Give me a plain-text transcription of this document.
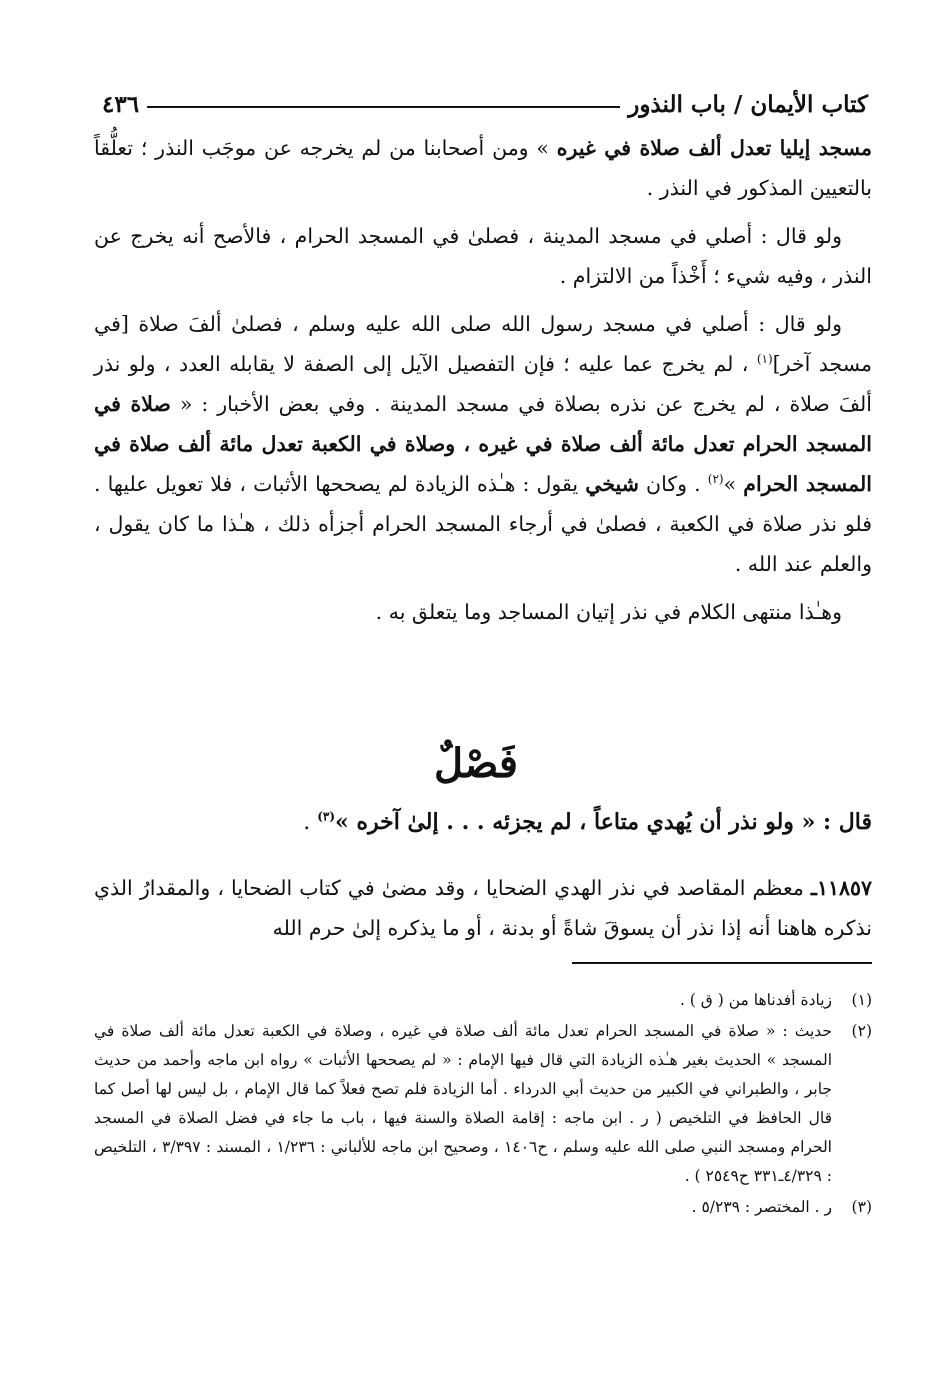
كتاب الأيمان / باب النذور
٤٣٦

مسجد إيليا تعدل ألف صلاة في غيره » ومن أصحابنا من لم يخرجه عن موجَب النذر ؛ تعلُّقاً بالتعيين المذكور في النذر .

ولو قال : أصلي في مسجد المدينة ، فصلىٰ في المسجد الحرام ، فالأصح أنه يخرج عن النذر ، وفيه شيء ؛ أَخْذاً من الالتزام .

ولو قال : أصلي في مسجد رسول الله صلى الله عليه وسلم ، فصلىٰ ألفَ صلاة [في مسجد آخر]$^{(١)}$ ، لم يخرج عما عليه ؛ فإن التفصيل الآيل إلى الصفة لا يقابله العدد ، ولو نذر ألفَ صلاة ، لم يخرج عن نذره بصلاة في مسجد المدينة . وفي بعض الأخبار : « صلاة في المسجد الحرام تعدل مائة ألف صلاة في غيره ، وصلاة في الكعبة تعدل مائة ألف صلاة في المسجد الحرام »$^{(٢)}$ . وكان شيخي يقول : هـٰذه الزيادة لم يصححها الأثبات ، فلا تعويل عليها . فلو نذر صلاة في الكعبة ، فصلىٰ في أرجاء المسجد الحرام أجزأه ذلك ، هـٰذا ما كان يقول ، والعلم عند الله .

وهـٰذا منتهى الكلام في نذر إتيان المساجد وما يتعلق به .

فَصْلٌ
قال : « ولو نذر أن يُهدي متاعاً ، لم يجزئه . . . إلىٰ آخره »$^{(٣)}$ .
١١٨٥٧ـ معظم المقاصد في نذر الهدي الضحايا ، وقد مضىٰ في كتاب الضحايا ، والمقدارُ الذي نذكره هاهنا أنه إذا نذر أن يسوقَ شاةً أو بدنة ، أو ما يذكره إلىٰ حرم الله
(١)
زيادة أفدناها من ( ق ) .
(٢)
حديث : « صلاة في المسجد الحرام تعدل مائة ألف صلاة في غيره ، وصلاة في الكعبة تعدل مائة ألف صلاة في المسجد » الحديث بغير هـٰذه الزيادة التي قال فيها الإمام : « لم يصححها الأثبات » رواه ابن ماجه وأحمد من حديث جابر ، والطبراني في الكبير من حديث أبي الدرداء . أما الزيادة فلم تصح فعلاً كما قال الإمام ، بل ليس لها أصل كما قال الحافظ في التلخيص ( ر . ابن ماجه : إقامة الصلاة والسنة فيها ، باب ما جاء في فضل الصلاة في المسجد الحرام ومسجد النبي صلى الله عليه وسلم ، ح١٤٠٦ ، وصحيح ابن ماجه للألباني : ١/٢٣٦ ، المسند : ٣/٣٩٧ ، التلخيص : ٤/٣٢٩ـ٣٣١ ح٢٥٤٩ ) .
(٣)
ر . المختصر : ٥/٢٣٩ .
